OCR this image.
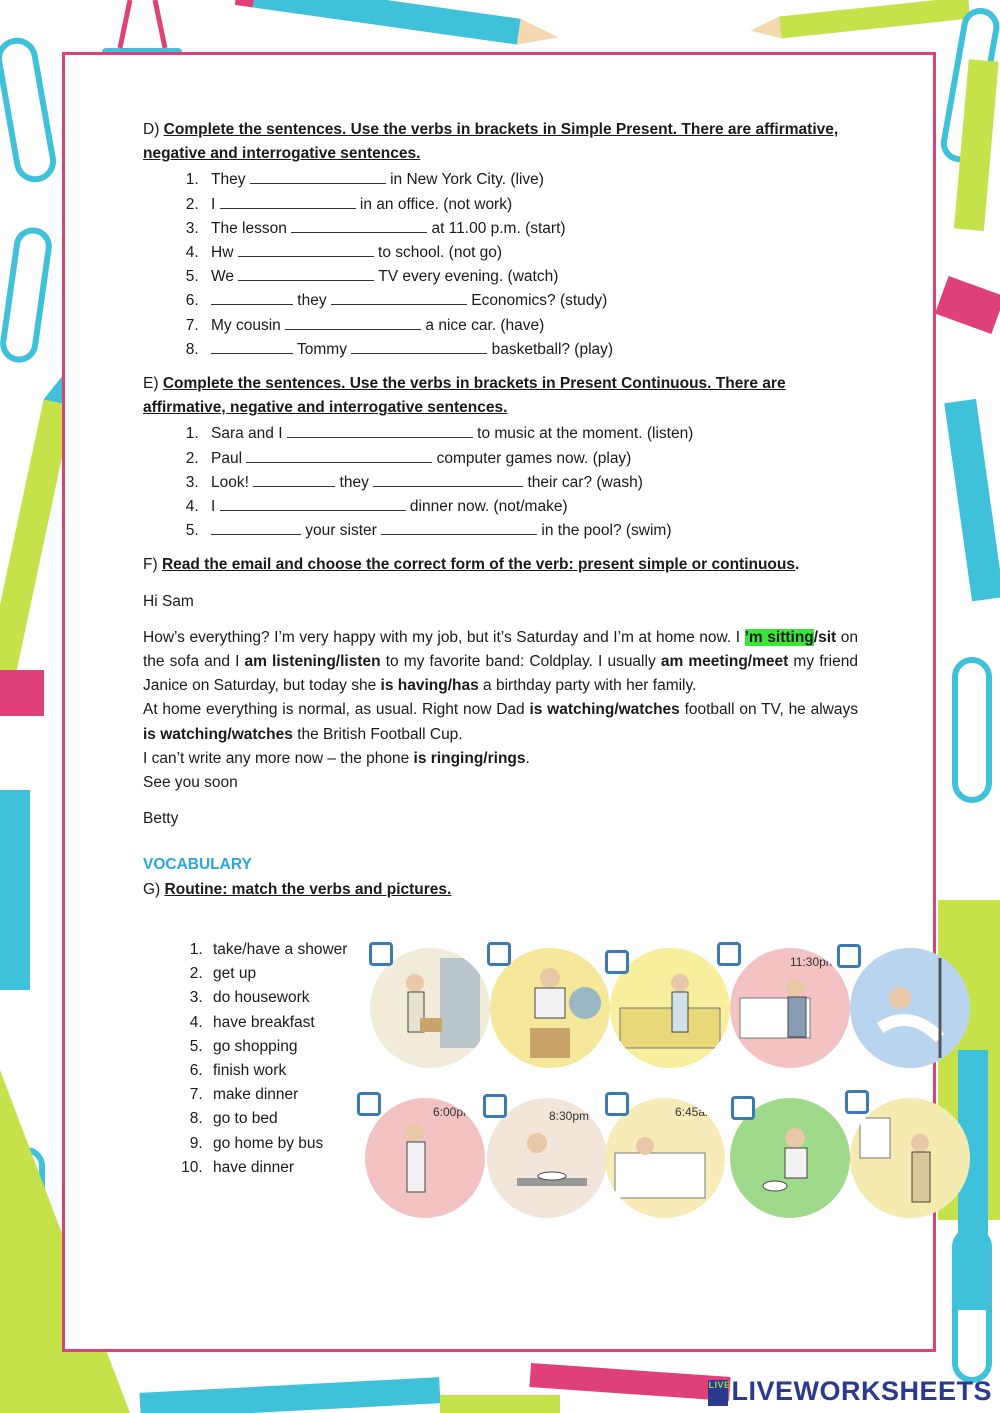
D) Complete the sentences. Use the verbs in brackets in Simple Present. There are affirmative, negative and interrogative sentences.

1. They	in New York City. (live)
2. I	in an office. (not work)
3. The lesson	at 11.00 p.m. (start)
4. Hw	to school. (not go)
5. We	TV every evening. (watch)
6. they	Economics? (study)
7. My cousin	a nice car. (have)
8. Tommy	basketball? (play)

E) Complete the sentences. Use the verbs in brackets in Present Continuous. There are affirmative, negative and interrogative sentences.

1. Sara and I	to music at the moment. (listen)
2. Paul	computer games now. (play)
3. Look!	they	their car? (wash)
4. I	dinner now. (not/make)
5. your sister	in the pool? (swim)

F) Read the email and choose the correct form of the verb: present simple or continuous.

Hi Sam

How’s everything? I’m very happy with my job, but it’s Saturday and I’m at home now. I ’m sitting/sit on the sofa and I am listening/listen to my favorite band: Coldplay. I usually am meeting/meet my friend Janice on Saturday, but today she is having/has a birthday party with her family.

At home everything is normal, as usual. Right now Dad is watching/watches football on TV, he always is watching/watches the British Football Cup.

I can’t write any more now – the phone is ringing/rings.

See you soon

Betty

VOCABULARY

G) Routine: match the verbs and pictures.

1. take/have a shower
2. get up
3. do housework
4. have breakfast
5. go shopping
6. finish work
7. make dinner
8. go to bed
9. go home by bus
10. have dinner
11:30pm
6:00pm	8:30pm	6:45am
LIVELIVEWORKSHEETS
